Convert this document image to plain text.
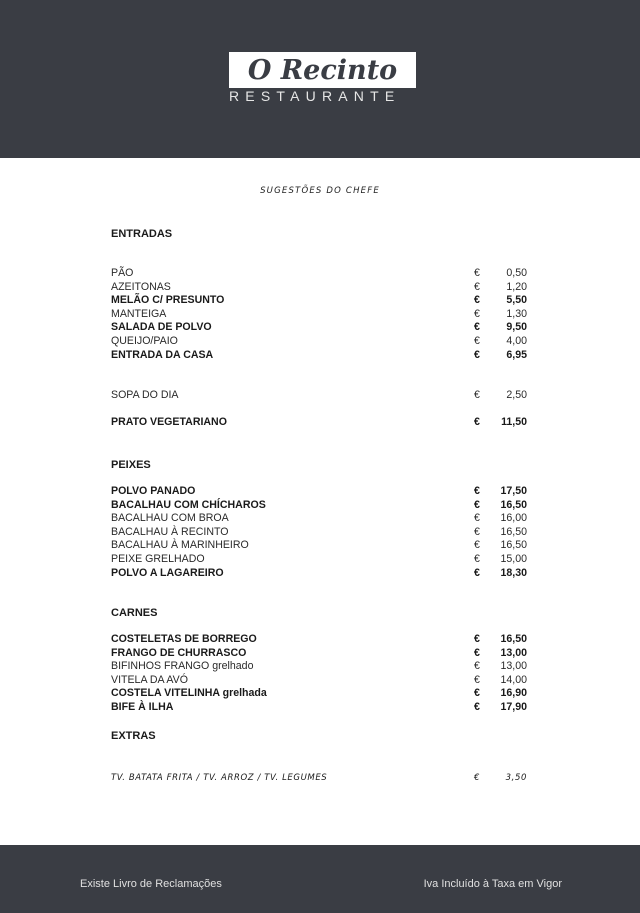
O Recinto
RESTAURANTE
SUGESTÕES DO CHEFE
ENTRADAS
PÃO	€ 0,50
AZEITONAS	€ 1,20
MELÃO C/ PRESUNTO	€ 5,50
MANTEIGA	€ 1,30
SALADA DE POLVO	€ 9,50
QUEIJO/PAIO	€ 4,00
ENTRADA DA CASA	€ 6,95
SOPA DO DIA	€ 2,50
PRATO VEGETARIANO	€ 11,50
PEIXES
POLVO PANADO	€ 17,50
BACALHAU COM CHÍCHAROS	€ 16,50
BACALHAU COM BROA	€ 16,00
BACALHAU À RECINTO	€ 16,50
BACALHAU À MARINHEIRO	€ 16,50
PEIXE GRELHADO	€ 15,00
POLVO A LAGAREIRO	€ 18,30
CARNES
COSTELETAS DE BORREGO	€ 16,50
FRANGO DE CHURRASCO	€ 13,00
BIFINHOS FRANGO grelhado	€ 13,00
VITELA DA AVÓ	€ 14,00
COSTELA VITELINHA grelhada	€ 16,90
BIFE À ILHA	€ 17,90
EXTRAS
TV. BATATA FRITA / TV. ARROZ / TV. LEGUMES	€	3,50
Existe Livro de Reclamações	Iva Incluído à Taxa em Vigor
